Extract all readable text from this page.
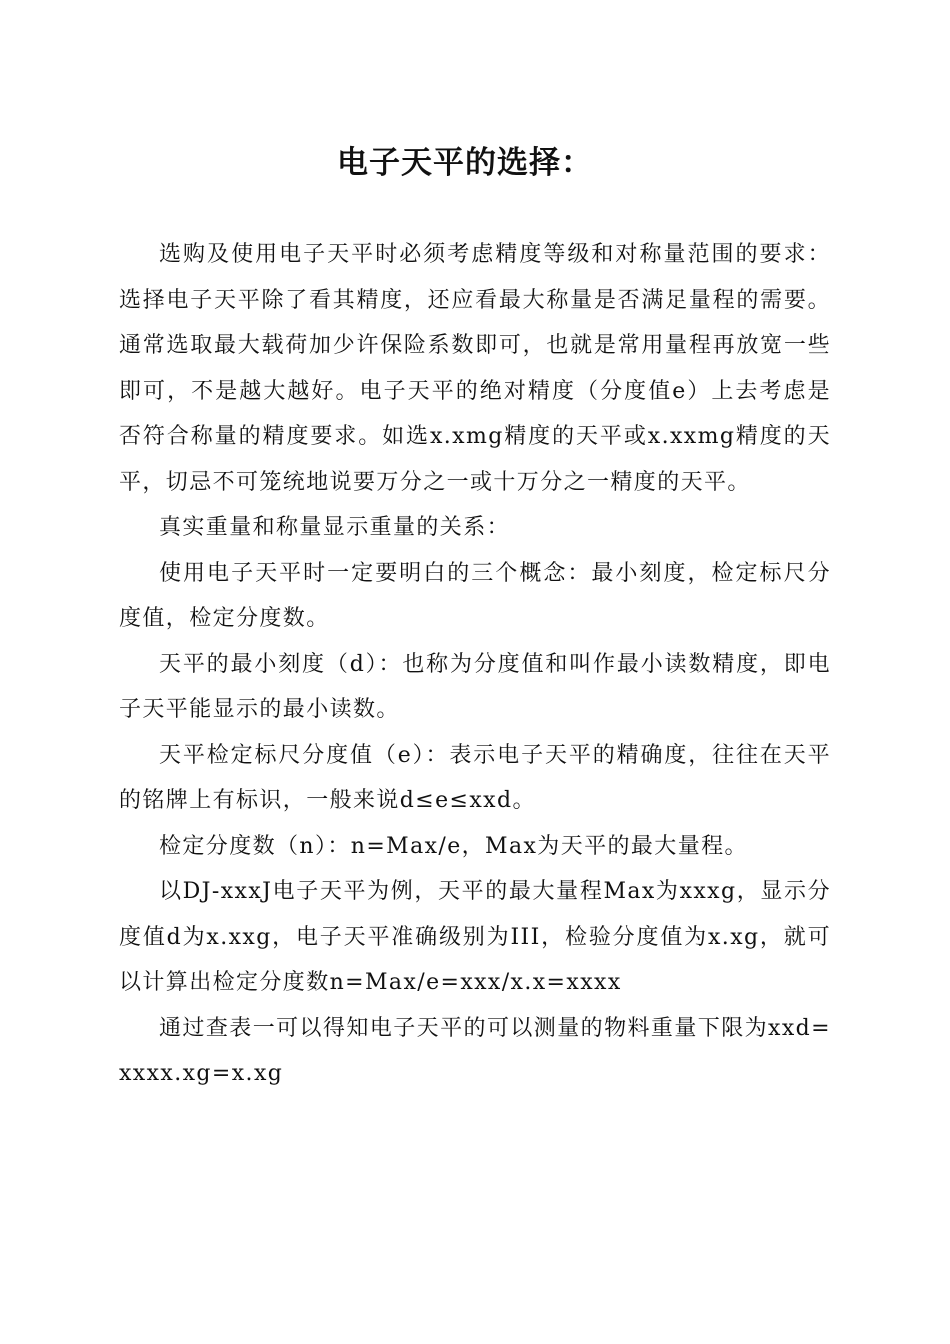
电子天平的选择：

选购及使用电子天平时必须考虑精度等级和对称量范围的要求：选择电子天平除了看其精度，还应看最大称量是否满足量程的需要。通常选取最大载荷加少许保险系数即可，也就是常用量程再放宽一些即可，不是越大越好。电子天平的绝对精度（分度值e）上去考虑是否符合称量的精度要求。如选x.xmg精度的天平或x.xxmg精度的天平，切忌不可笼统地说要万分之一或十万分之一精度的天平。

真实重量和称量显示重量的关系：

使用电子天平时一定要明白的三个概念：最小刻度，检定标尺分度值，检定分度数。

天平的最小刻度（d）：也称为分度值和叫作最小读数精度，即电子天平能显示的最小读数。

天平检定标尺分度值（e）：表示电子天平的精确度，往往在天平的铭牌上有标识，一般来说d≤e≤xxd。

检定分度数（n）：n=Max/e，Max为天平的最大量程。

以DJ-xxxJ电子天平为例，天平的最大量程Max为xxxg，显示分度值d为x.xxg，电子天平准确级别为III，检验分度值为x.xg，就可以计算出检定分度数n=Max/e=xxx/x.x=xxxx

通过查表一可以得知电子天平的可以测量的物料重量下限为xxd=xxxx.xg=x.xg
